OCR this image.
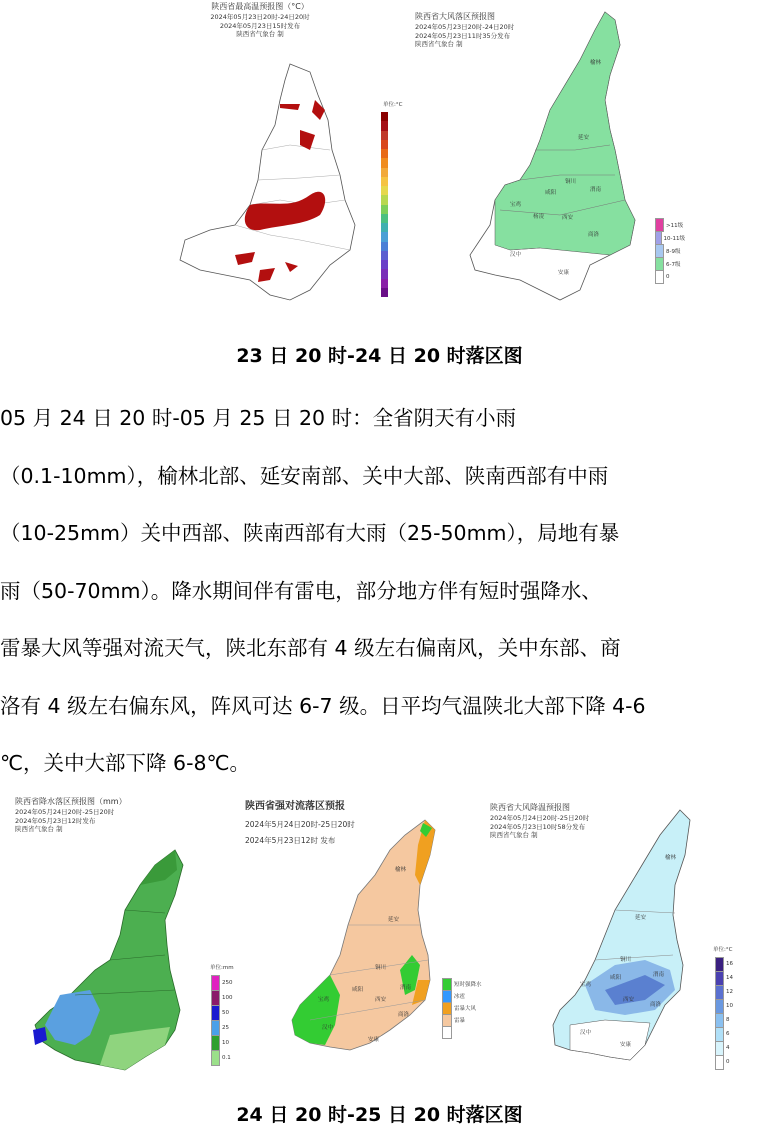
陕西省最高温预报图（°C）
2024年05月23日20时-24日20时
2024年05月23日15时发布
陕西省气象台 制
单位:°C
陕西省大风落区预报图
2024年05月23日20时-24日20时
2024年05月23日11时35分发布
陕西省气象台 制
榆林
延安
铜川
渭南
宝鸡
杨凌
咸阳
西安
汉中
商洛
安康
>11级
10-11级
8-9级
6-7级
0
23 日 20 时-24 日 20 时落区图
05 月 24 日 20 时-05 月 25 日 20 时：全省阴天有小雨
（0.1-10mm），榆林北部、延安南部、关中大部、陕南西部有中雨
（10-25mm）关中西部、陕南西部有大雨（25-50mm），局地有暴
雨（50-70mm）。降水期间伴有雷电，部分地方伴有短时强降水、
雷暴大风等强对流天气，陕北东部有 4 级左右偏南风，关中东部、商
洛有 4 级左右偏东风，阵风可达 6-7 级。日平均气温陕北大部下降 4-6
℃，关中大部下降 6-8℃。
陕西省降水落区预报图（mm）
2024年05月24日20时-25日20时
2024年05月23日12时发布
陕西省气象台 制
单位:mm
250
100
50
25
10
0.1
陕西省强对流落区预报
2024年5月24日20时-25日20时
2024年5月23日12时 发布
榆林
延安
铜川
渭南
宝鸡
咸阳
西安
汉中
商洛
安康
短时强降水
冰雹
雷暴大风
雷暴
陕西省大风降温预报图
2024年05月24日20时-25日20时
2024年05月23日10时58分发布
陕西省气象台 制
榆林
延安
铜川
渭南
宝鸡
咸阳
西安
汉中
商洛
安康
单位:°C
16
14
12
10
8
6
4
0
24 日 20 时-25 日 20 时落区图
